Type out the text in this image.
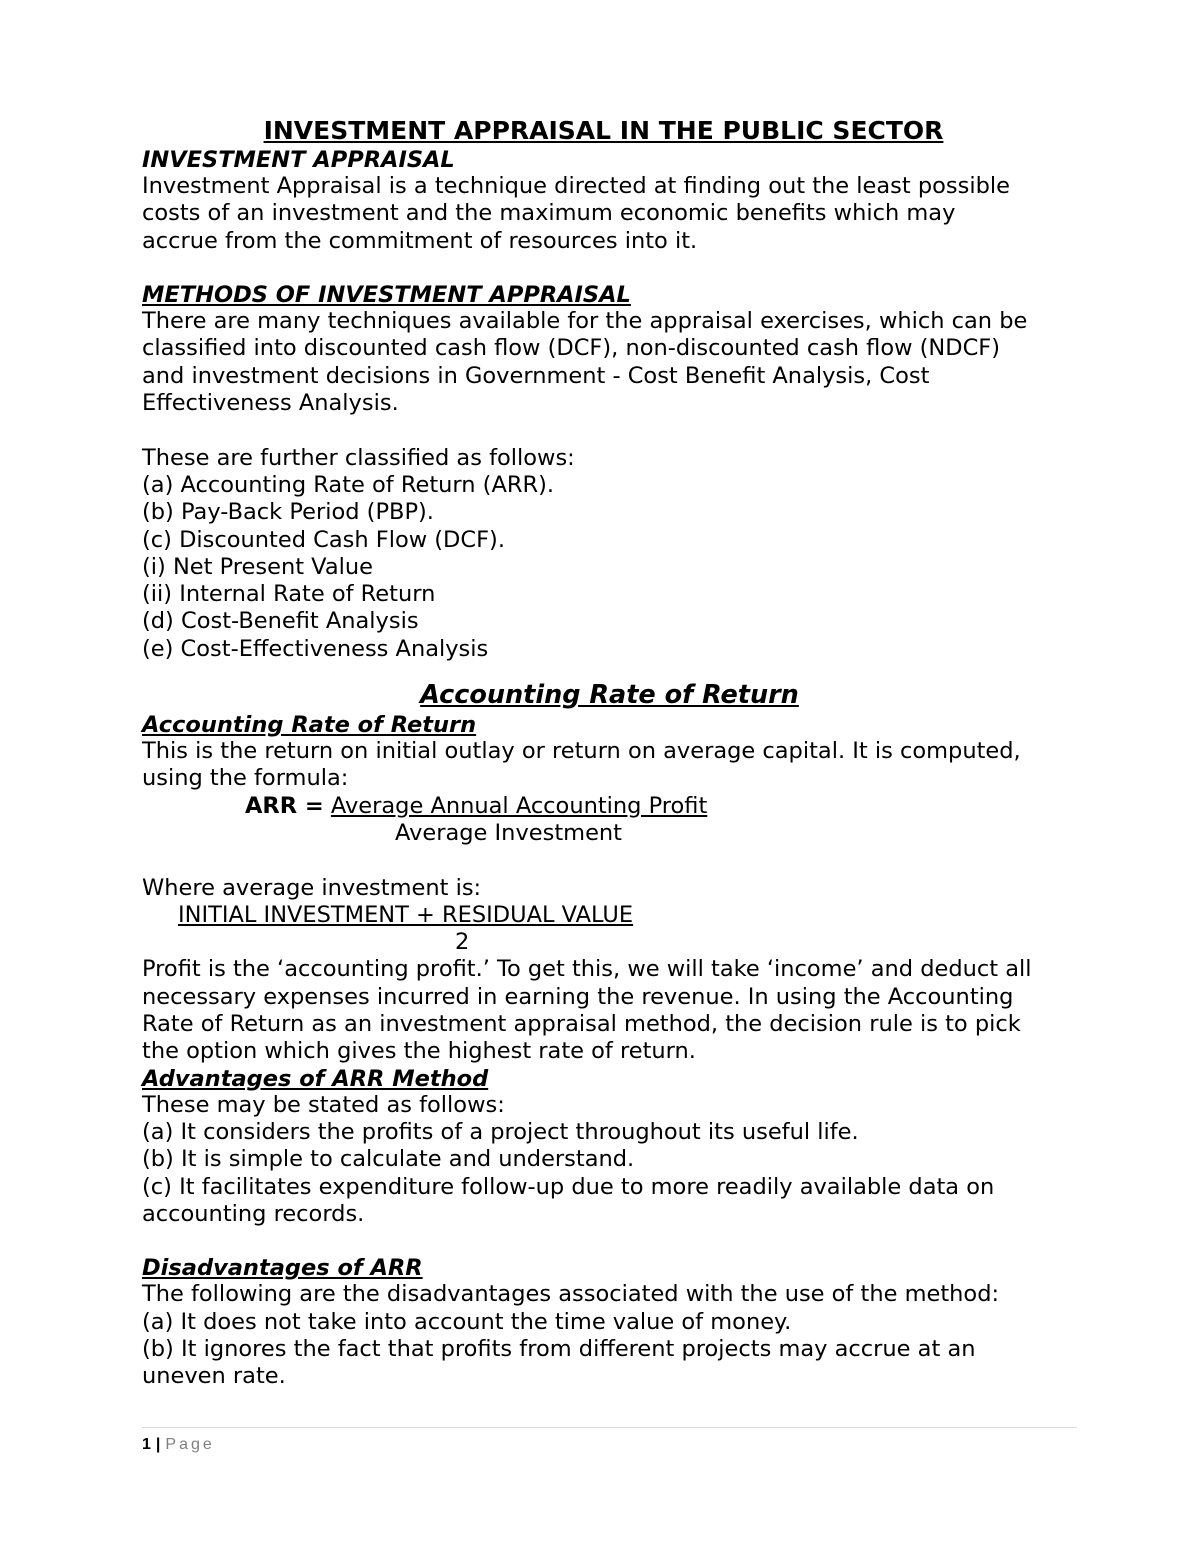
INVESTMENT APPRAISAL IN THE PUBLIC SECTOR
INVESTMENT APPRAISAL
Investment Appraisal is a technique directed at finding out the least possible
costs of an investment and the maximum economic benefits which may
accrue from the commitment of resources into it.
METHODS OF INVESTMENT APPRAISAL
There are many techniques available for the appraisal exercises, which can be
classified into discounted cash flow (DCF), non-discounted cash flow (NDCF)
and investment decisions in Government - Cost Benefit Analysis, Cost
Effectiveness Analysis.
These are further classified as follows:
(a) Accounting Rate of Return (ARR).
(b) Pay-Back Period (PBP).
(c) Discounted Cash Flow (DCF).
(i) Net Present Value
(ii) Internal Rate of Return
(d) Cost-Benefit Analysis
(e) Cost-Effectiveness Analysis
Accounting Rate of Return
Accounting Rate of Return
This is the return on initial outlay or return on average capital. It is computed,
using the formula:
ARR = Average Annual Accounting Profit
Average Investment
Where average investment is:
INITIAL INVESTMENT + RESIDUAL VALUE
2
Profit is the ‘accounting profit.’ To get this, we will take ‘income’ and deduct all
necessary expenses incurred in earning the revenue. In using the Accounting
Rate of Return as an investment appraisal method, the decision rule is to pick
the option which gives the highest rate of return.
Advantages of ARR Method
These may be stated as follows:
(a) It considers the profits of a project throughout its useful life.
(b) It is simple to calculate and understand.
(c) It facilitates expenditure follow-up due to more readily available data on
accounting records.
Disadvantages of ARR
The following are the disadvantages associated with the use of the method:
(a) It does not take into account the time value of money.
(b) It ignores the fact that profits from different projects may accrue at an
uneven rate.
1 | Page
